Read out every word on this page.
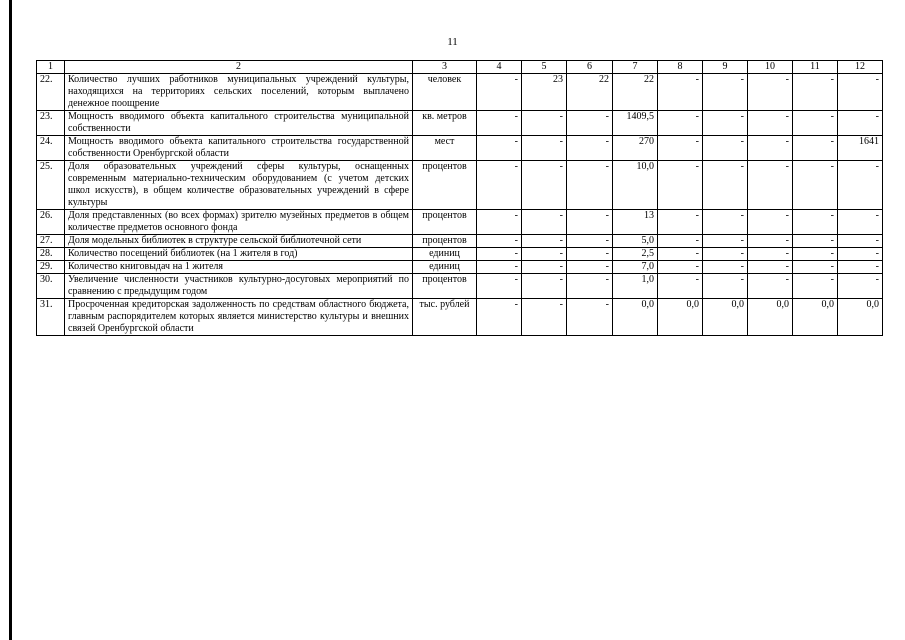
11
1	2	3	4	5	6	7	8	9	10	11	12
22.	Количество лучших работников муниципальных учреждений культуры, находящихся на территориях сельских поселений, которым выплачено денежное поощрение	человек	-	23	22	22	-	-	-	-	-
23.	Мощность вводимого объекта капитального строительства муниципальной собственности	кв. метров	-	-	-	1409,5	-	-	-	-	-
24.	Мощность вводимого объекта капитального строительства государственной собственности Оренбургской области	мест	-	-	-	270	-	-	-	-	1641
25.	Доля образовательных учреждений сферы культуры, оснащенных современным материально-техническим оборудованием (с учетом детских школ искусств), в общем количестве образовательных учреждений в сфере культуры	процентов	-	-	-	10,0	-	-	-	-	-
26.	Доля представленных (во всех формах) зрителю музейных предметов в общем количестве предметов основного фонда	процентов	-	-	-	13	-	-	-	-	-
27.	Доля модельных библиотек в структуре сельской библиотечной сети	процентов	-	-	-	5,0	-	-	-	-	-
28.	Количество посещений библиотек (на 1 жителя в год)	единиц	-	-	-	2,5	-	-	-	-	-
29.	Количество книговыдач на 1 жителя	единиц	-	-	-	7,0	-	-	-	-	-
30.	Увеличение численности участников культурно-досуговых мероприятий по сравнению с предыдущим годом	процентов	-	-	-	1,0	-	-	-	-	-
31.	Просроченная кредиторская задолженность по средствам областного бюджета, главным распорядителем которых является министерство культуры и внешних связей Оренбургской области	тыс. рублей	-	-	-	0,0	0,0	0,0	0,0	0,0	0,0
